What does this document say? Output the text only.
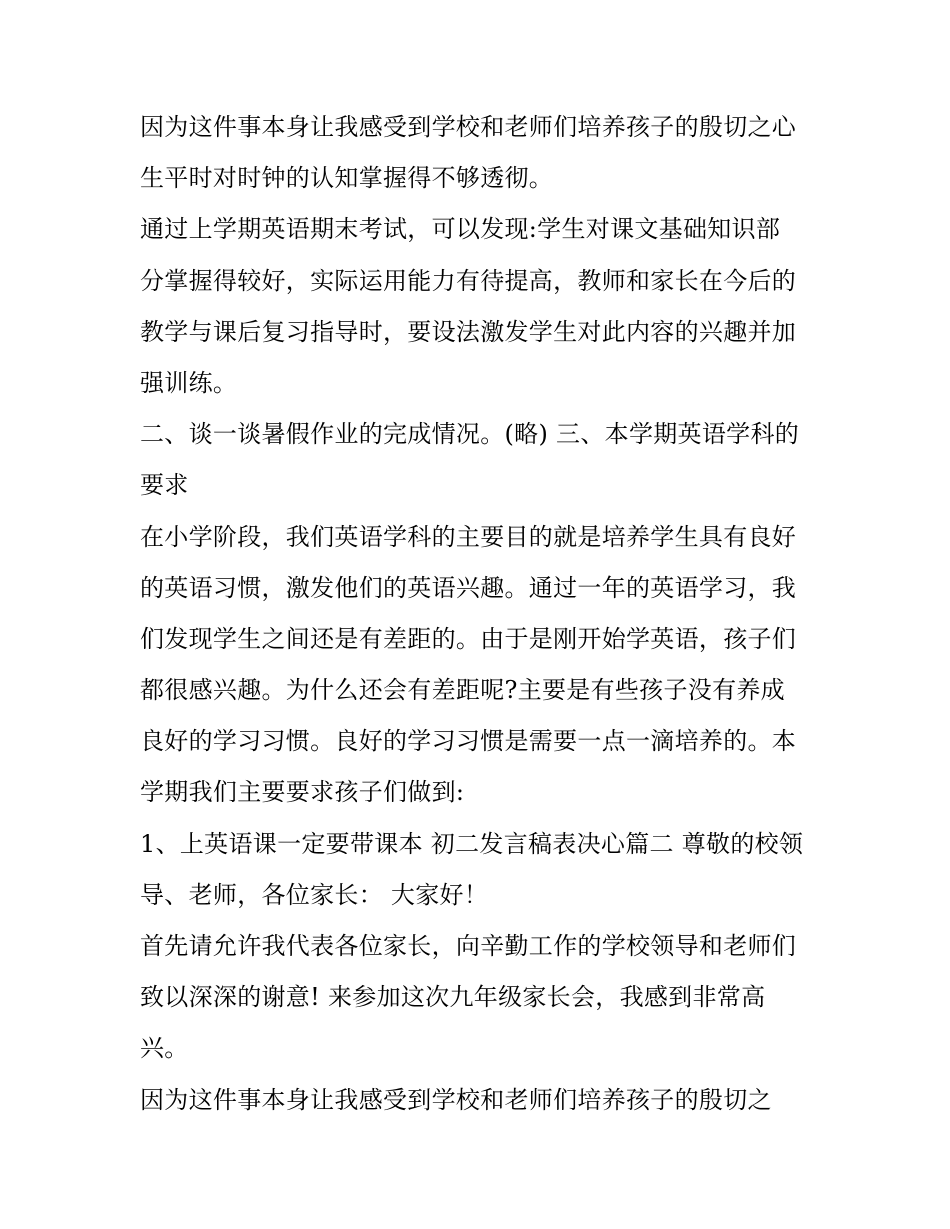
因为这件事本身让我感受到学校和老师们培养孩子的殷切之心
生平时对时钟的认知掌握得不够透彻。
通过上学期英语期末考试，可以发现:学生对课文基础知识部
分掌握得较好，实际运用能力有待提高，教师和家长在今后的
教学与课后复习指导时，要设法激发学生对此内容的兴趣并加
强训练。
二、谈一谈暑假作业的完成情况。(略) 三、本学期英语学科的
要求
在小学阶段，我们英语学科的主要目的就是培养学生具有良好
的英语习惯，激发他们的英语兴趣。通过一年的英语学习，我
们发现学生之间还是有差距的。由于是刚开始学英语，孩子们
都很感兴趣。为什么还会有差距呢?主要是有些孩子没有养成
良好的学习习惯。良好的学习习惯是需要一点一滴培养的。本
学期我们主要要求孩子们做到:
1、上英语课一定要带课本 初二发言稿表决心篇二 尊敬的校领
导、老师，各位家长： 大家好！
首先请允许我代表各位家长，向辛勤工作的学校领导和老师们
致以深深的谢意! 来参加这次九年级家长会，我感到非常高
兴。
因为这件事本身让我感受到学校和老师们培养孩子的殷切之
